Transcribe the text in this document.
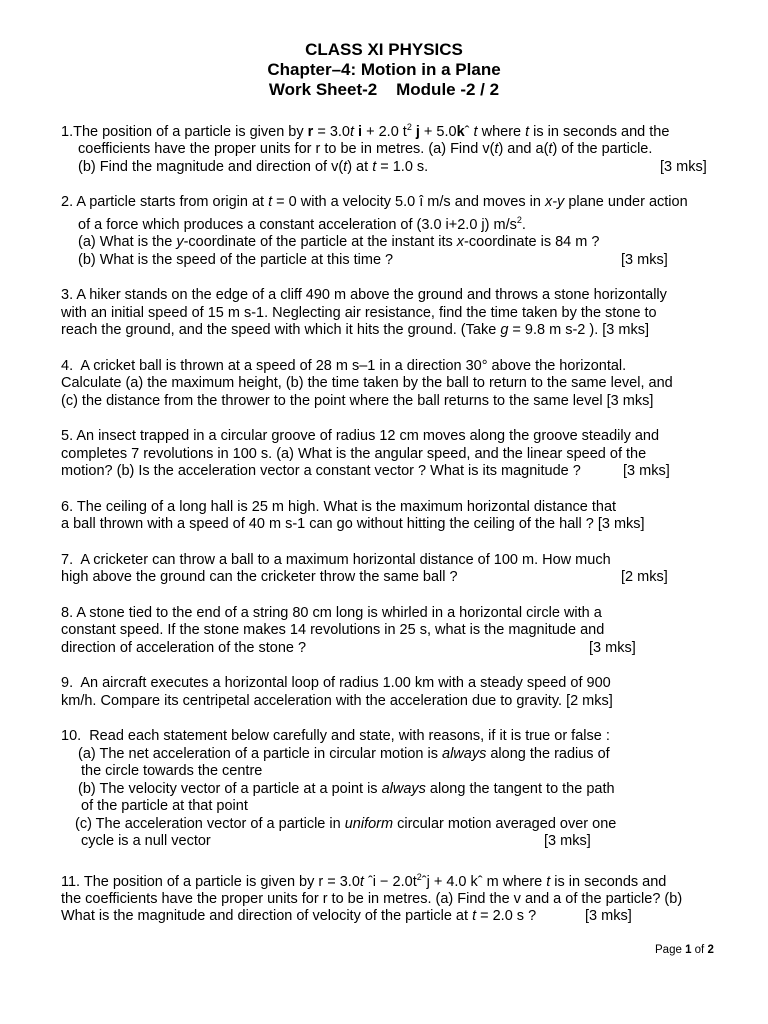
CLASS XI PHYSICS
Chapter–4: Motion in a Plane
Work Sheet-2    Module -2 / 2
1.The position of a particle is given by r = 3.0t i + 2.0 $t^2$ j + 5.0kˆ t where t is in seconds and the
coefficients have the proper units for r to be in metres. (a) Find v(t) and a(t) of the particle.
(b) Find the magnitude and direction of v(t) at t = 1.0 s.	[3 mks]
2. A particle starts from origin at t = 0 with a velocity 5.0 î m/s and moves in x-y plane under action
of a force which produces a constant acceleration of (3.0 i+2.0 j) $m/s^2$.
(a) What is the y-coordinate of the particle at the instant its x-coordinate is 84 m ?
(b) What is the speed of the particle at this time ?	[3 mks]
3. A hiker stands on the edge of a cliff 490 m above the ground and throws a stone horizontally
with an initial speed of 15 m s-1. Neglecting air resistance, find the time taken by the stone to
reach the ground, and the speed with which it hits the ground. (Take g = 9.8 m s-2 ). [3 mks]
4.  A cricket ball is thrown at a speed of 28 m s–1 in a direction 30° above the horizontal.
Calculate (a) the maximum height, (b) the time taken by the ball to return to the same level, and
(c) the distance from the thrower to the point where the ball returns to the same level [3 mks]
5. An insect trapped in a circular groove of radius 12 cm moves along the groove steadily and
completes 7 revolutions in 100 s. (a) What is the angular speed, and the linear speed of the
motion? (b) Is the acceleration vector a constant vector ? What is its magnitude ?	[3 mks]
6. The ceiling of a long hall is 25 m high. What is the maximum horizontal distance that
a ball thrown with a speed of 40 m s-1 can go without hitting the ceiling of the hall ? [3 mks]
7.  A cricketer can throw a ball to a maximum horizontal distance of 100 m. How much
high above the ground can the cricketer throw the same ball ?	[2 mks]
8. A stone tied to the end of a string 80 cm long is whirled in a horizontal circle with a
constant speed. If the stone makes 14 revolutions in 25 s, what is the magnitude and
direction of acceleration of the stone ?	[3 mks]
9.  An aircraft executes a horizontal loop of radius 1.00 km with a steady speed of 900
km/h. Compare its centripetal acceleration with the acceleration due to gravity. [2 mks]
10.  Read each statement below carefully and state, with reasons, if it is true or false :
(a) The net acceleration of a particle in circular motion is always along the radius of
the circle towards the centre
(b) The velocity vector of a particle at a point is always along the tangent to the path
of the particle at that point
(c) The acceleration vector of a particle in uniform circular motion averaged over one
cycle is a null vector	[3 mks]
11. The position of a particle is given by r = 3.0t ˆi − $2.0t^2ˆj + 4.0$ kˆ m where t is in seconds and
the coefficients have the proper units for r to be in metres. (a) Find the v and a of the particle? (b)
What is the magnitude and direction of velocity of the particle at t = 2.0 s ?	[3 mks]
Page 1 of 2
